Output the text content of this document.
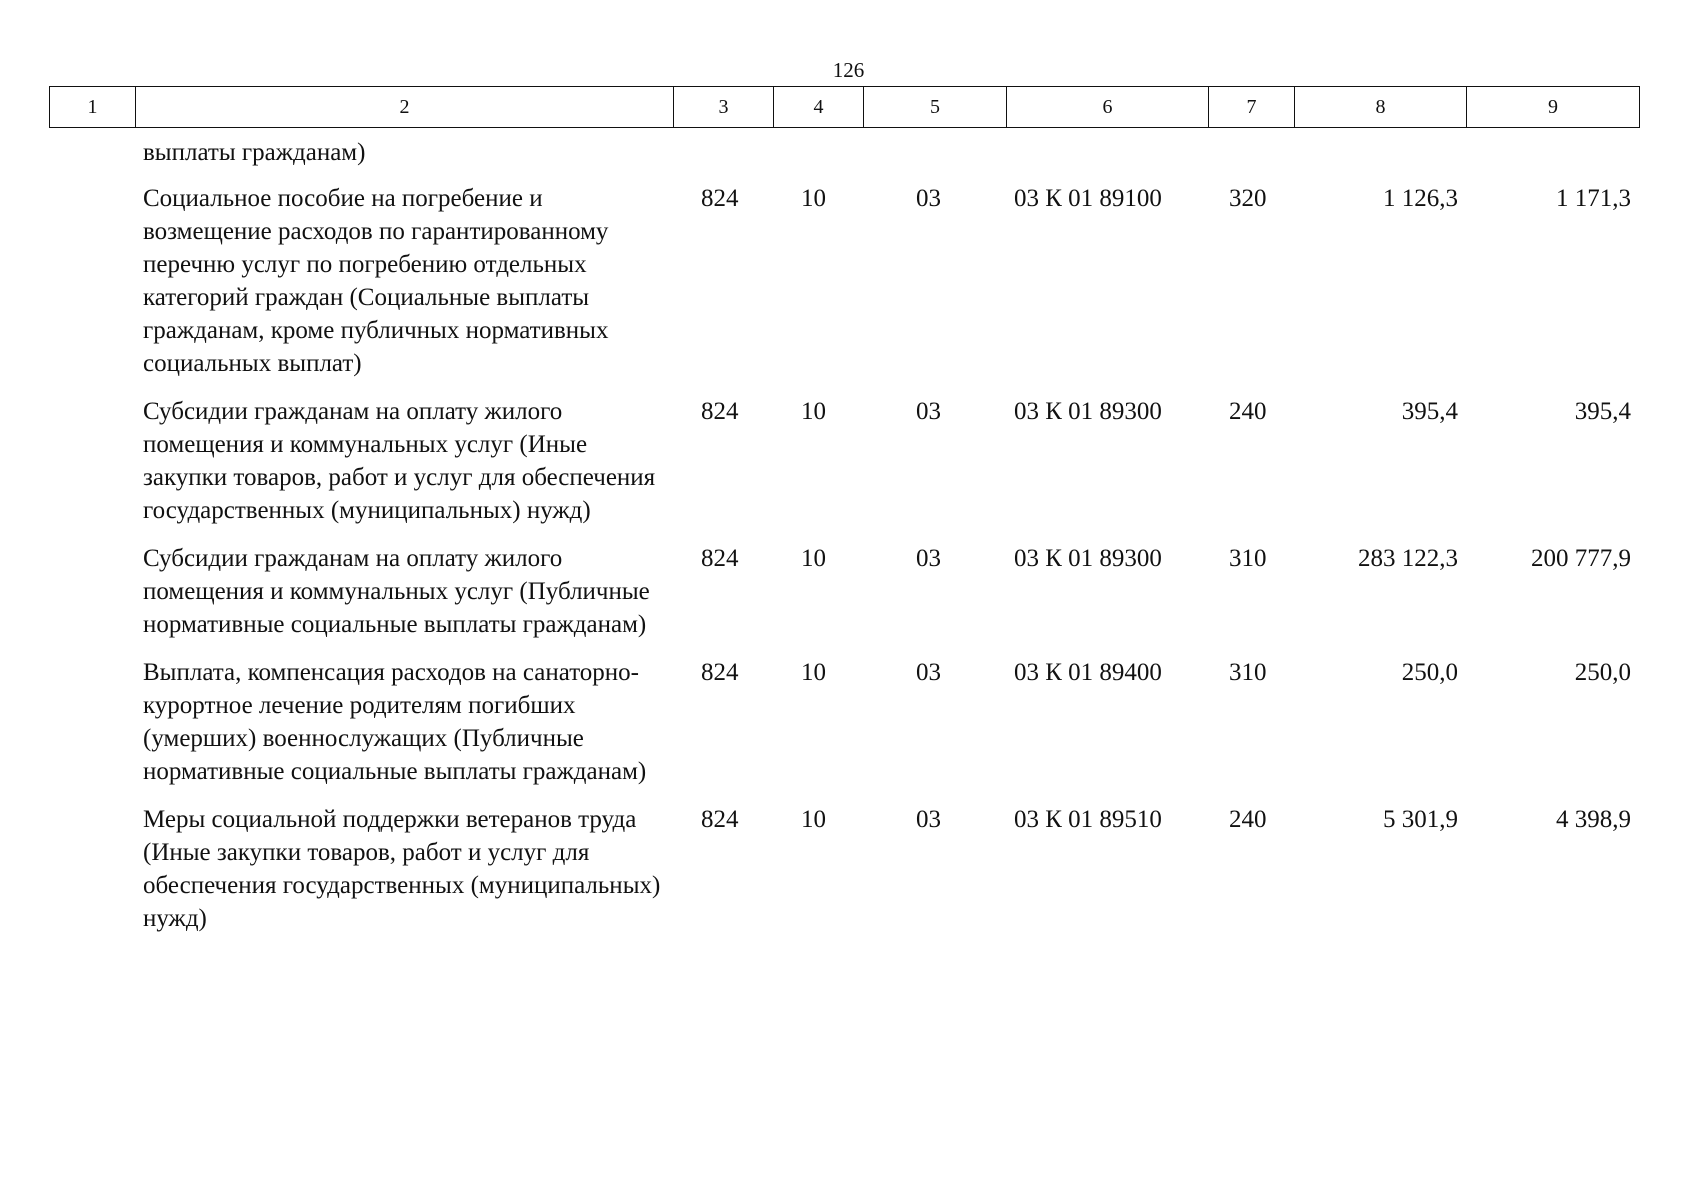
126
1	2	3	4	5	6	7	8	9
выплаты гражданам)							
Социальное пособие на погребение и возмещение расходов по гарантированному перечню услуг по погребению отдельных категорий граждан (Социальные выплаты гражданам, кроме публичных нормативных социальных выплат)	824	10	03	03 К 01 89100	320	1 126,3	1 171,3
Субсидии гражданам на оплату жилого помещения и коммунальных услуг (Иные закупки товаров, работ и услуг для обеспечения государственных (муниципальных) нужд)	824	10	03	03 К 01 89300	240	395,4	395,4
Субсидии гражданам на оплату жилого помещения и коммунальных услуг (Публичные нормативные социальные выплаты гражданам)	824	10	03	03 К 01 89300	310	283 122,3	200 777,9
Выплата, компенсация расходов на санаторно-курортное лечение родителям погибших (умерших) военнослужащих (Публичные нормативные социальные выплаты гражданам)	824	10	03	03 К 01 89400	310	250,0	250,0
Меры социальной поддержки ветеранов труда (Иные закупки товаров, работ и услуг для обеспечения государственных (муниципальных) нужд)	824	10	03	03 К 01 89510	240	5 301,9	4 398,9
